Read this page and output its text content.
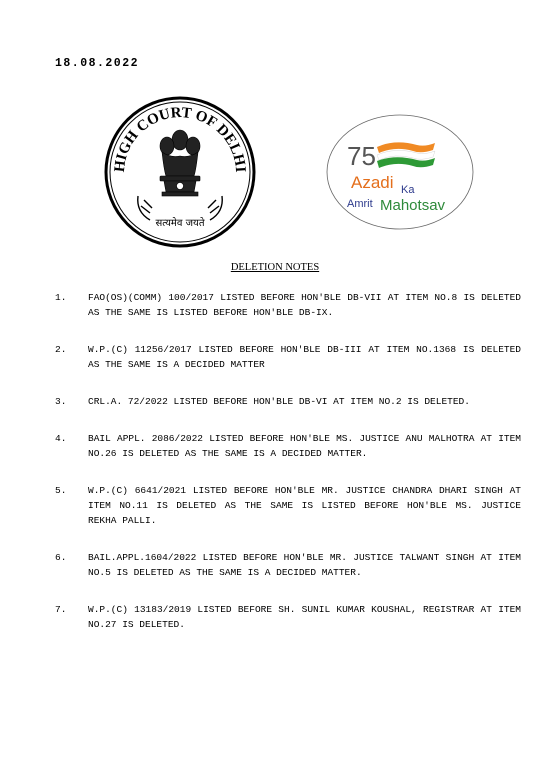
18.08.2022
HIGH COURT OF DELHI
सत्यमेव जयते
75
Azadi Ka
Amrit Mahotsav
DELETION NOTES
1.	FAO(OS)(COMM) 100/2017 LISTED BEFORE HON'BLE DB-VII AT ITEM NO.8 IS DELETED AS THE SAME IS LISTED BEFORE HON'BLE DB-IX.
2.	W.P.(C) 11256/2017 LISTED BEFORE HON'BLE DB-III AT ITEM NO.1368 IS DELETED AS THE SAME IS A DECIDED MATTER
3.	CRL.A. 72/2022 LISTED BEFORE HON'BLE DB-VI AT ITEM NO.2 IS DELETED.
4.	BAIL APPL. 2086/2022 LISTED BEFORE HON'BLE MS. JUSTICE ANU MALHOTRA AT ITEM NO.26 IS DELETED AS THE SAME IS A DECIDED MATTER.
5.	W.P.(C) 6641/2021 LISTED BEFORE HON'BLE MR. JUSTICE CHANDRA DHARI SINGH AT ITEM NO.11 IS DELETED AS THE SAME IS LISTED BEFORE HON'BLE MS. JUSTICE REKHA PALLI.
6.	BAIL.APPL.1604/2022 LISTED BEFORE HON'BLE MR. JUSTICE TALWANT SINGH AT ITEM NO.5 IS DELETED AS THE SAME IS A DECIDED MATTER.
7.	W.P.(C) 13183/2019 LISTED BEFORE SH. SUNIL KUMAR KOUSHAL, REGISTRAR AT ITEM NO.27 IS DELETED.
